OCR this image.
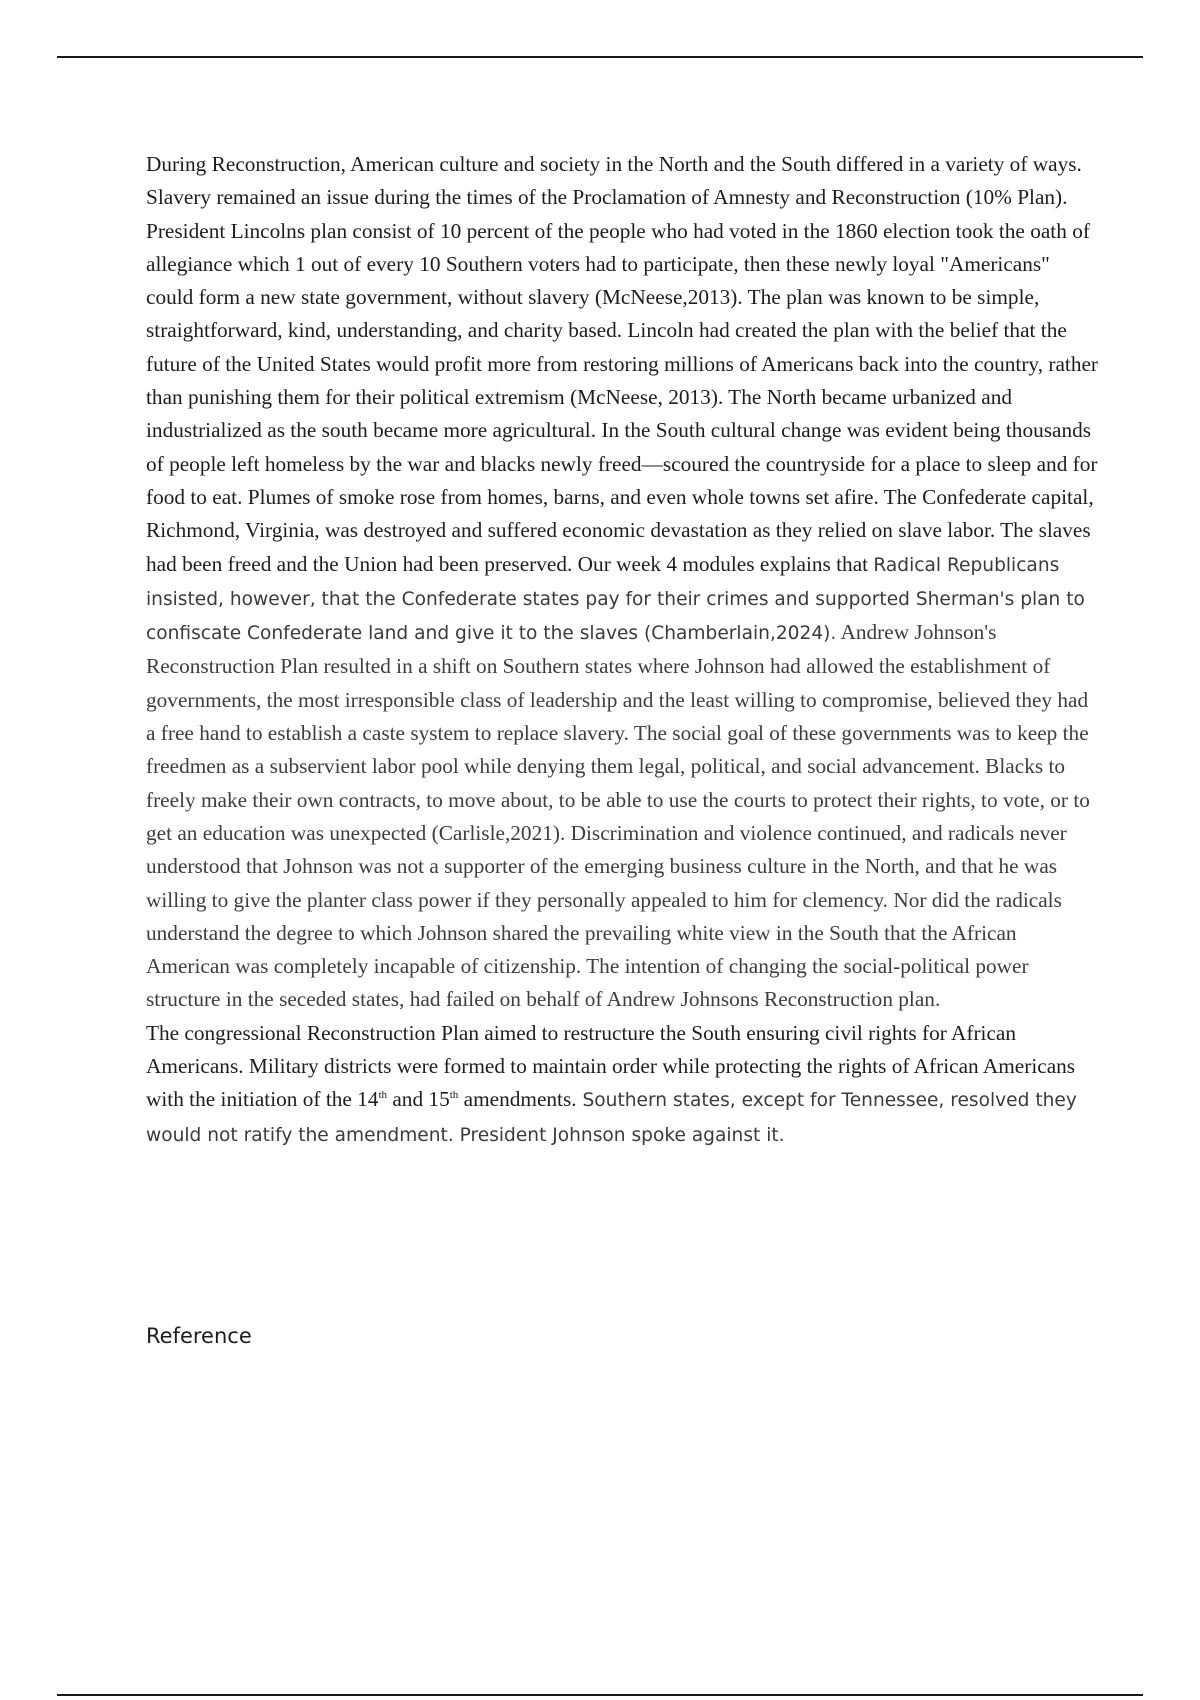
During Reconstruction, American culture and society in the North and the South differed in a variety of ways. Slavery remained an issue during the times of the Proclamation of Amnesty and Reconstruction (10% Plan). President Lincolns plan consist of 10 percent of the people who had voted in the 1860 election took the oath of allegiance which 1 out of every 10 Southern voters had to participate, then these newly loyal "Americans" could form a new state government, without slavery (McNeese,2013). The plan was known to be simple, straightforward, kind, understanding, and charity based. Lincoln had created the plan with the belief that the future of the United States would profit more from restoring millions of Americans back into the country, rather than punishing them for their political extremism (McNeese, 2013). The North became urbanized and industrialized as the south became more agricultural. In the South cultural change was evident being thousands of people left homeless by the war and blacks newly freed—scoured the countryside for a place to sleep and for food to eat. Plumes of smoke rose from homes, barns, and even whole towns set afire. The Confederate capital, Richmond, Virginia, was destroyed and suffered economic devastation as they relied on slave labor. The slaves had been freed and the Union had been preserved. Our week 4 modules explains that Radical Republicans insisted, however, that the Confederate states pay for their crimes and supported Sherman's plan to confiscate Confederate land and give it to the slaves (Chamberlain,2024). Andrew Johnson's Reconstruction Plan resulted in a shift on Southern states where Johnson had allowed the establishment of governments, the most irresponsible class of leadership and the least willing to compromise, believed they had a free hand to establish a caste system to replace slavery. The social goal of these governments was to keep the freedmen as a subservient labor pool while denying them legal, political, and social advancement. Blacks to freely make their own contracts, to move about, to be able to use the courts to protect their rights, to vote, or to get an education was unexpected (Carlisle,2021). Discrimination and violence continued, and radicals never understood that Johnson was not a supporter of the emerging business culture in the North, and that he was willing to give the planter class power if they personally appealed to him for clemency. Nor did the radicals understand the degree to which Johnson shared the prevailing white view in the South that the African American was completely incapable of citizenship. The intention of changing the social-political power structure in the seceded states, had failed on behalf of Andrew Johnsons Reconstruction plan.

The congressional Reconstruction Plan aimed to restructure the South ensuring civil rights for African Americans. Military districts were formed to maintain order while protecting the rights of African Americans with the initiation of the 14th and 15th amendments. Southern states, except for Tennessee, resolved they would not ratify the amendment. President Johnson spoke against it.

Reference
